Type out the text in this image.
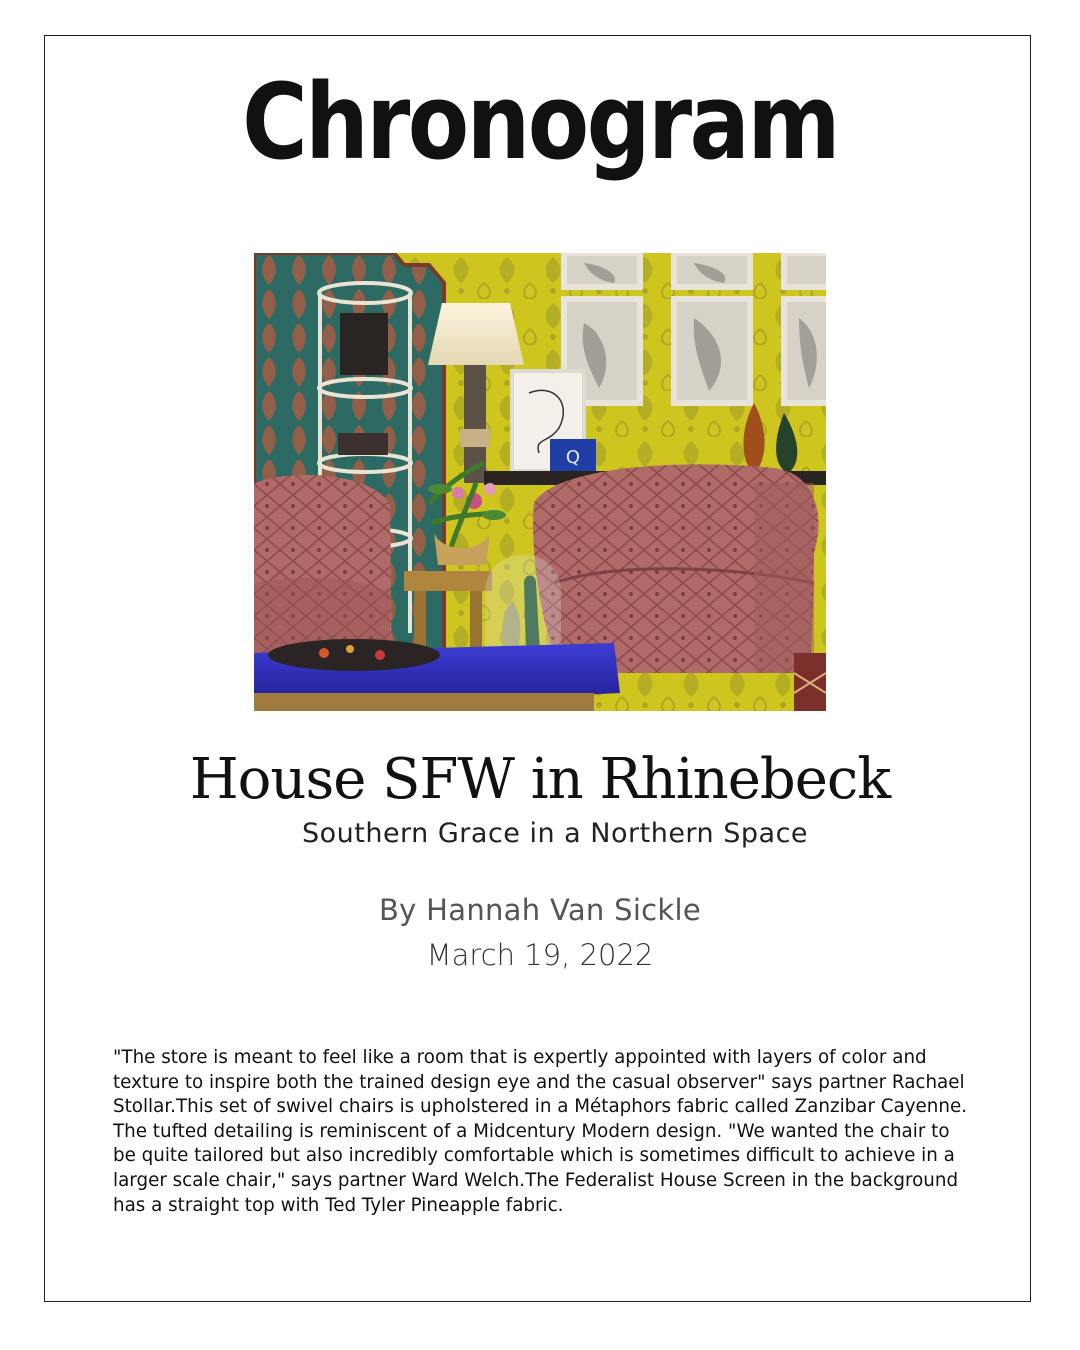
Chronogram
Q
House SFW in Rhinebeck
Southern Grace in a Northern Space
By Hannah Van Sickle
March 19, 2022
"The store is meant to feel like a room that is expertly appointed with layers of color and texture to inspire both the trained design eye and the casual observer" says partner Rachael Stollar.This set of swivel chairs is upholstered in a Métaphors fabric called Zanzibar Cayenne. The tufted detailing is reminiscent of a Midcentury Modern design. "We wanted the chair to be quite tailored but also incredibly comfortable which is sometimes difficult to achieve in a larger scale chair," says partner Ward Welch.The Federalist House Screen in the background has a straight top with Ted Tyler Pineapple fabric.
